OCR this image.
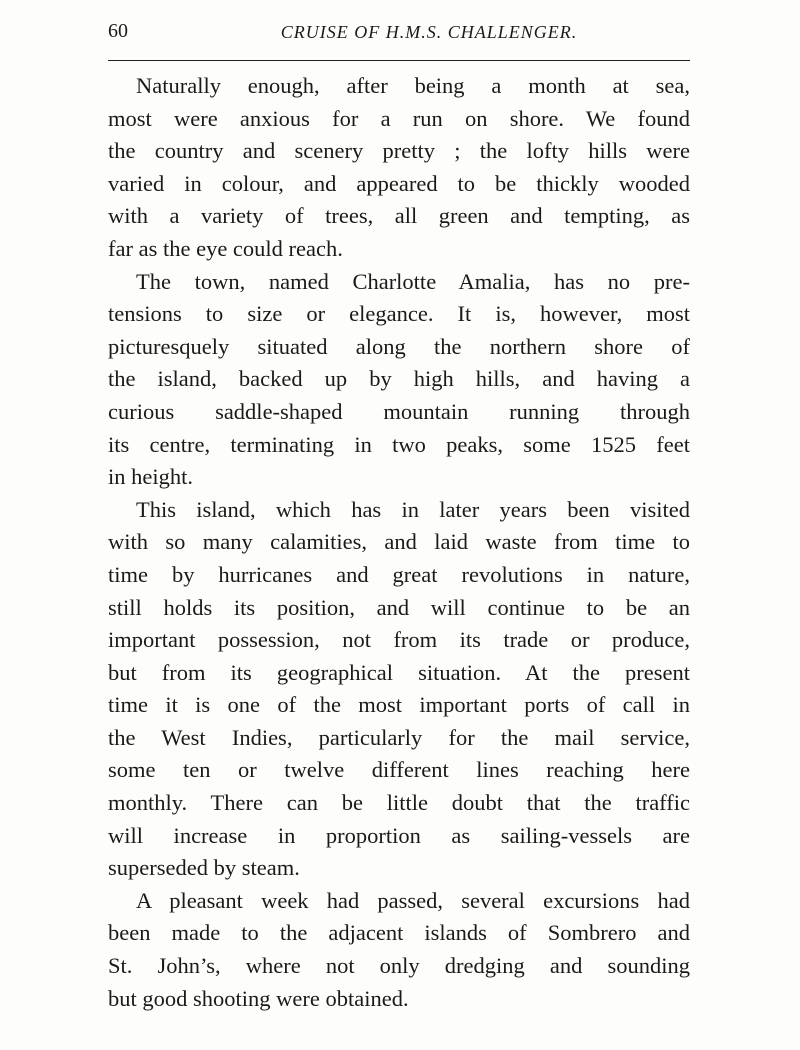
60	CRUISE OF H.M.S. CHALLENGER.
Naturally enough, after being a month at sea,
most were anxious for a run on shore. We found
the country and scenery pretty ; the lofty hills were
varied in colour, and appeared to be thickly wooded
with a variety of trees, all green and tempting, as
far as the eye could reach.
The town, named Charlotte Amalia, has no pre-
tensions to size or elegance. It is, however, most
picturesquely situated along the northern shore of
the island, backed up by high hills, and having a
curious saddle-shaped mountain running through
its centre, terminating in two peaks, some 1525 feet
in height.
This island, which has in later years been visited
with so many calamities, and laid waste from time to
time by hurricanes and great revolutions in nature,
still holds its position, and will continue to be an
important possession, not from its trade or produce,
but from its geographical situation. At the present
time it is one of the most important ports of call in
the West Indies, particularly for the mail service,
some ten or twelve different lines reaching here
monthly. There can be little doubt that the traffic
will increase in proportion as sailing-vessels are
superseded by steam.
A pleasant week had passed, several excursions had
been made to the adjacent islands of Sombrero and
St. John’s, where not only dredging and sounding
but good shooting were obtained.
